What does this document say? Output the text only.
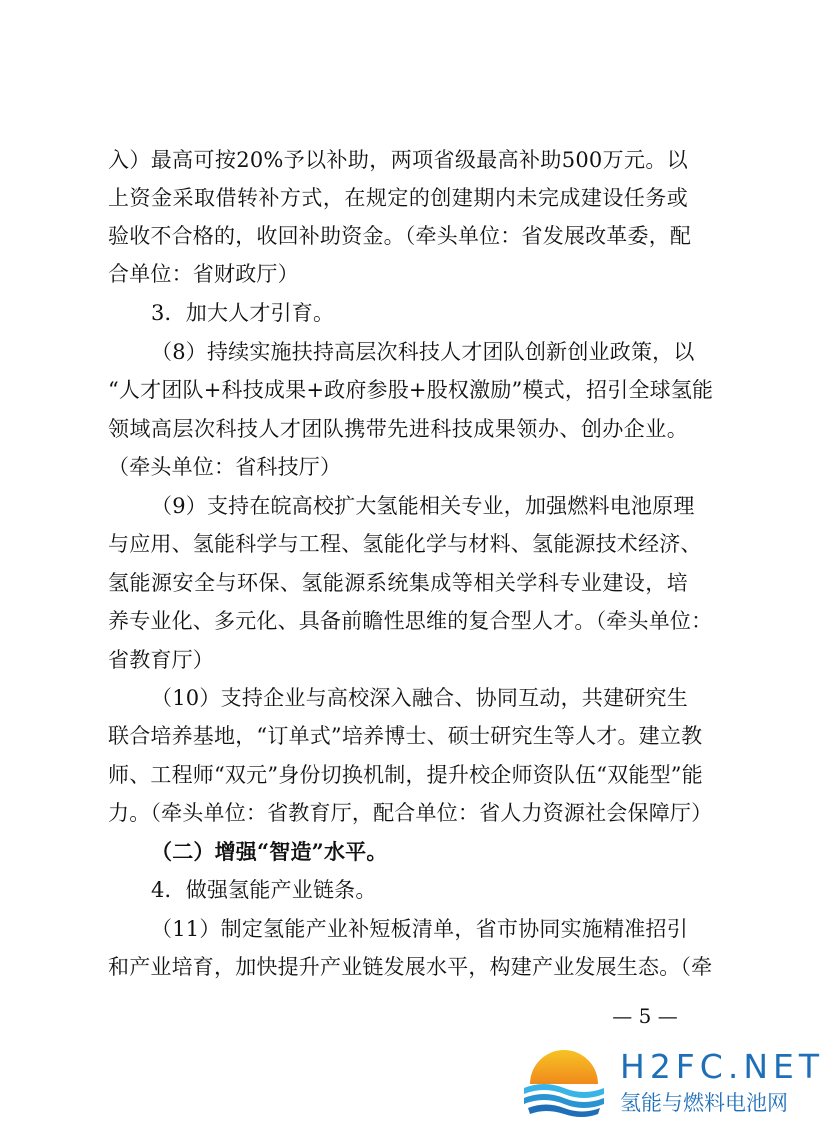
入）最高可按20%予以补助，两项省级最高补助500万元。以
上资金采取借转补方式，在规定的创建期内未完成建设任务或
验收不合格的，收回补助资金。（牵头单位：省发展改革委，配
合单位：省财政厅）
3．加大人才引育。
（8）持续实施扶持高层次科技人才团队创新创业政策，以
“人才团队+科技成果+政府参股+股权激励”模式，招引全球氢能
领域高层次科技人才团队携带先进科技成果领办、创办企业。
（牵头单位：省科技厅）
（9）支持在皖高校扩大氢能相关专业，加强燃料电池原理
与应用、氢能科学与工程、氢能化学与材料、氢能源技术经济、
氢能源安全与环保、氢能源系统集成等相关学科专业建设，培
养专业化、多元化、具备前瞻性思维的复合型人才。（牵头单位：
省教育厅）
（10）支持企业与高校深入融合、协同互动，共建研究生
联合培养基地，“订单式”培养博士、硕士研究生等人才。建立教
师、工程师“双元”身份切换机制，提升校企师资队伍“双能型”能
力。（牵头单位：省教育厅，配合单位：省人力资源社会保障厅）
（二）增强“智造”水平。
4．做强氢能产业链条。
（11）制定氢能产业补短板清单，省市协同实施精准招引
和产业培育，加快提升产业链发展水平，构建产业发展生态。（牵
— 5 —
H2FC.NET
氢能与燃料电池网
